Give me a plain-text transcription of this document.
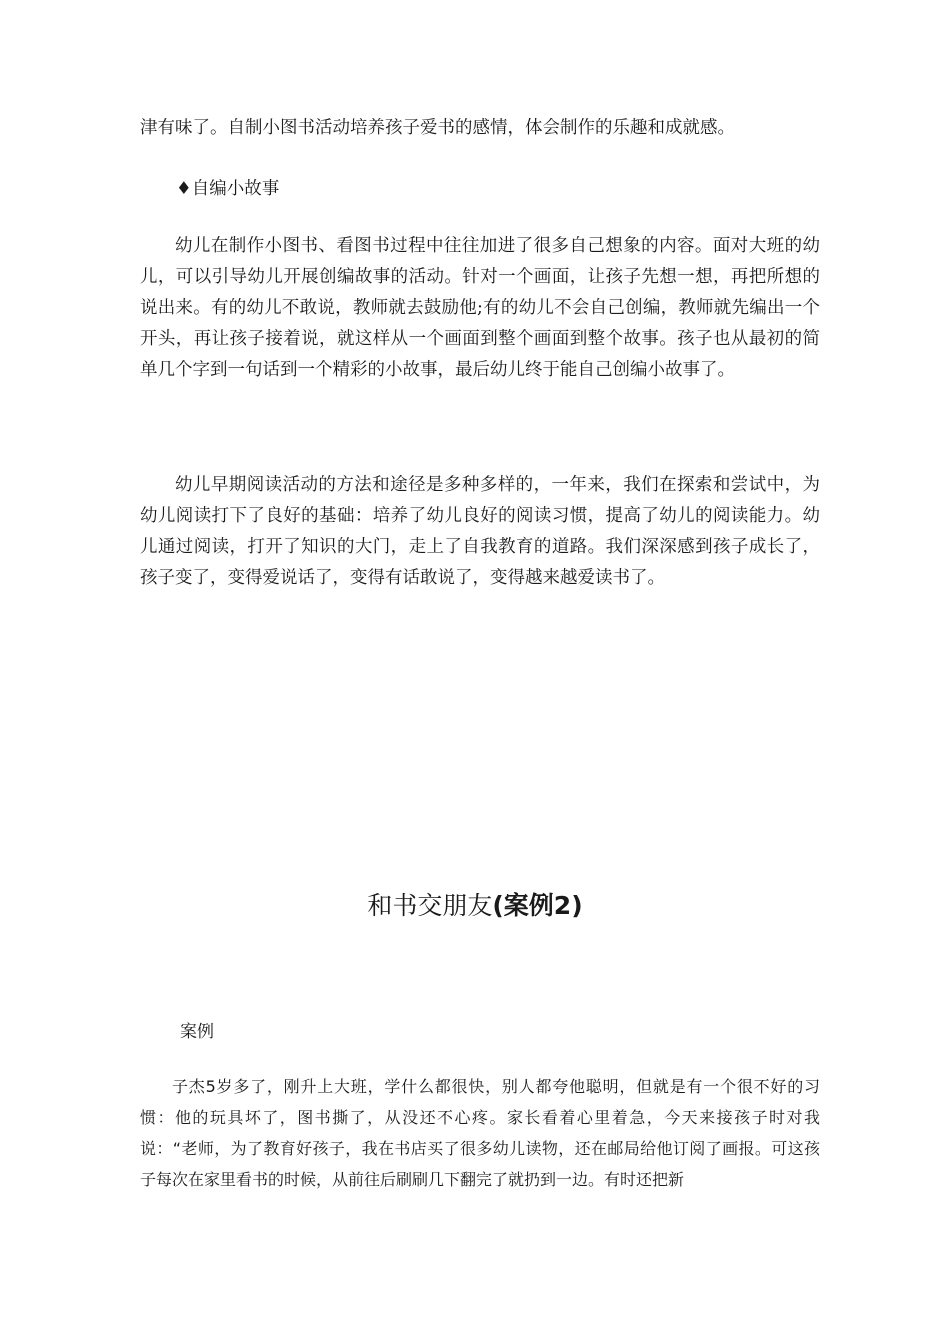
津有味了。自制小图书活动培养孩子爱书的感情，体会制作的乐趣和成就感。

♦自编小故事

幼儿在制作小图书、看图书过程中往往加进了很多自己想象的内容。面对大班的幼儿，可以引导幼儿开展创编故事的活动。针对一个画面，让孩子先想一想，再把所想的说出来。有的幼儿不敢说，教师就去鼓励他;有的幼儿不会自己创编，教师就先编出一个开头，再让孩子接着说，就这样从一个画面到整个画面到整个故事。孩子也从最初的简单几个字到一句话到一个精彩的小故事，最后幼儿终于能自己创编小故事了。

幼儿早期阅读活动的方法和途径是多种多样的，一年来，我们在探索和尝试中，为幼儿阅读打下了良好的基础：培养了幼儿良好的阅读习惯，提高了幼儿的阅读能力。幼儿通过阅读，打开了知识的大门，走上了自我教育的道路。我们深深感到孩子成长了，孩子变了，变得爱说话了，变得有话敢说了，变得越来越爱读书了。

和书交朋友(案例2)

案例

子杰5岁多了，刚升上大班，学什么都很快，别人都夸他聪明，但就是有一个很不好的习惯：他的玩具坏了，图书撕了，从没还不心疼。家长看着心里着急，今天来接孩子时对我说：“老师，为了教育好孩子，我在书店买了很多幼儿读物，还在邮局给他订阅了画报。可这孩子每次在家里看书的时候，从前往后刷刷几下翻完了就扔到一边。有时还把新
